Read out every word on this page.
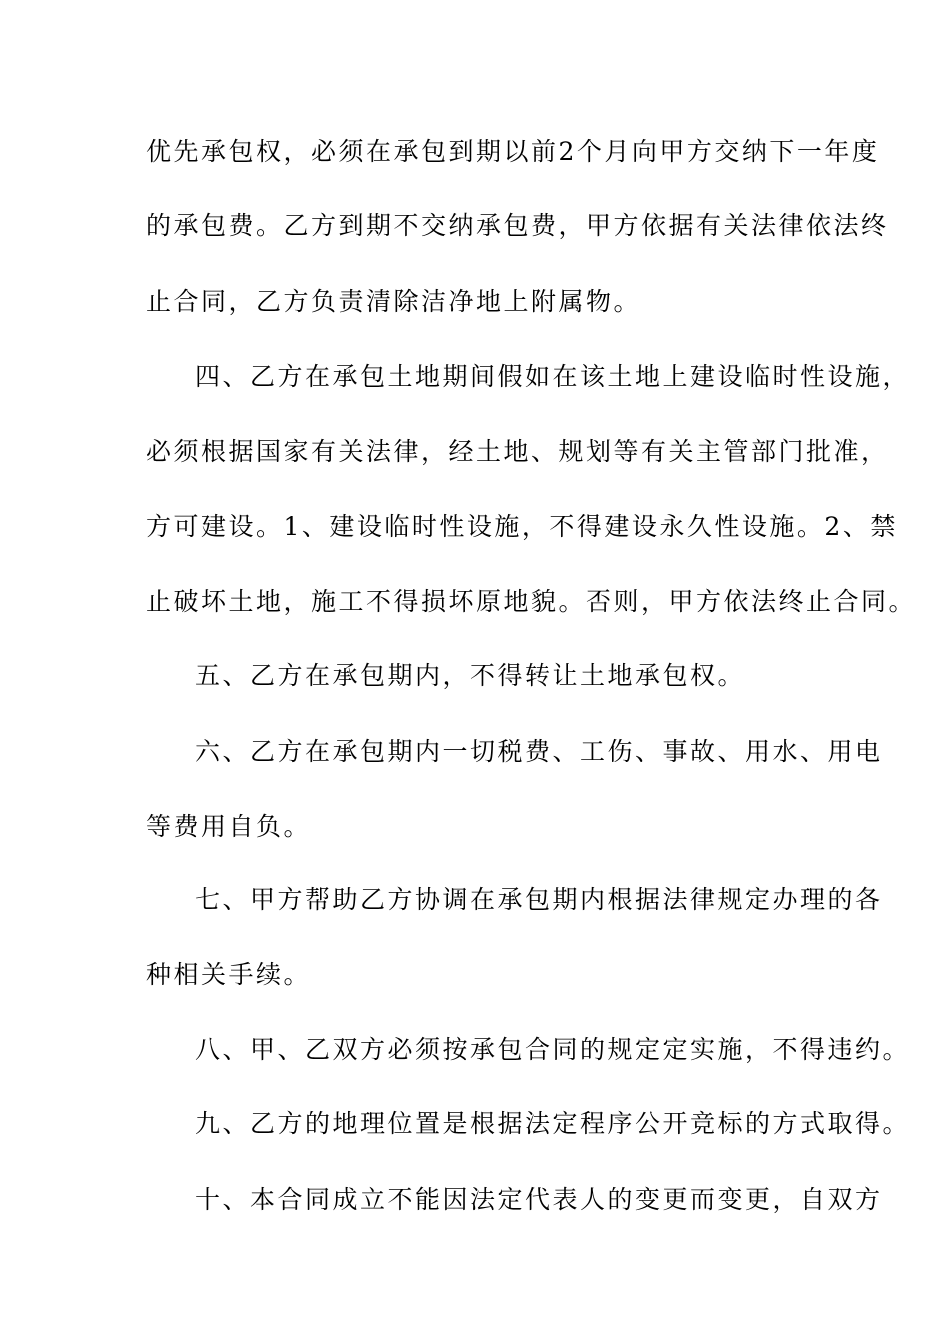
优先承包权，必须在承包到期以前2个月向甲方交纳下一年度
的承包费。乙方到期不交纳承包费，甲方依据有关法律依法终
止合同，乙方负责清除洁净地上附属物。
四、乙方在承包土地期间假如在该土地上建设临时性设施，
必须根据国家有关法律，经土地、规划等有关主管部门批准，
方可建设。1、建设临时性设施，不得建设永久性设施。2、禁
止破坏土地，施工不得损坏原地貌。否则，甲方依法终止合同。
五、乙方在承包期内，不得转让土地承包权。
六、乙方在承包期内一切税费、工伤、事故、用水、用电
等费用自负。
七、甲方帮助乙方协调在承包期内根据法律规定办理的各
种相关手续。
八、甲、乙双方必须按承包合同的规定定实施，不得违约。
九、乙方的地理位置是根据法定程序公开竞标的方式取得。
十、本合同成立不能因法定代表人的变更而变更，自双方
